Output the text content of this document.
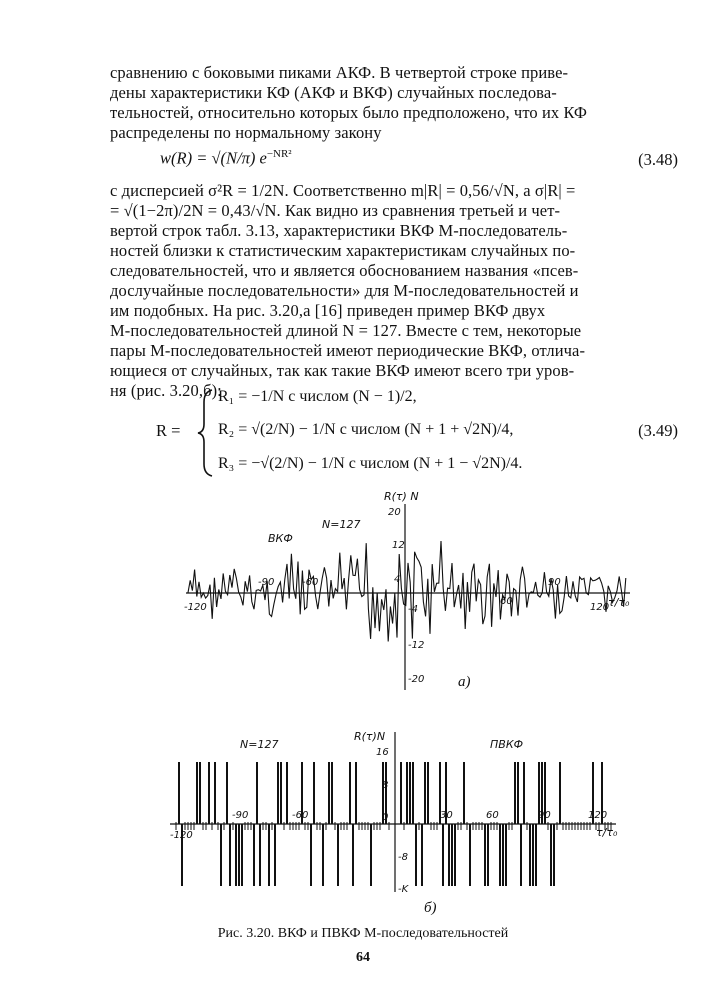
сравнению с боковыми пиками АКФ. В четвертой строке приве-
дены характеристики КФ (АКФ и ВКФ) случайных последова-
тельностей, относительно которых было предположено, что их КФ
распределены по нормальному закону
w(R) = √(N/π) $e^{-NR^2}$	(3.48)
с дисперсией σ²R = 1/2N. Соответственно m|R| = 0,56/√N, а σ|R| =
= √(1−2π)/2N = 0,43/√N. Как видно из сравнения третьей и чет-
вертой строк табл. 3.13, характеристики ВКФ M-последователь-
ностей близки к статистическим характеристикам случайных по-
следовательностей, что и является обоснованием названия «псев-
дослучайные последовательности» для M-последовательностей и
им подобных. На рис. 3.20,а [16] приведен пример ВКФ двух
M-последовательностей длиной N = 127. Вместе с тем, некоторые
пары M-последовательностей имеют периодические ВКФ, отлича-
ющиеся от случайных, так как такие ВКФ имеют всего три уров-
ня (рис. 3.20,б):
R =
R₁ = −1/N с числом (N − 1)/2,
R₂ = √(2/N) − 1/N с числом (N + 1 + √2N)/4,
R₃ = −√(2/N) − 1/N с числом (N + 1 − √2N)/4.
(3.49)
R(τ) N
ВКФ
N=127
20
12
4
-4
-12
-20
-120
-90	-60
60
90
120
τ/τ₀
а)
R(τ)N
N=127	ПВКФ
16
8
0
-8
-K
-120
-90	-60	30	60	90	120
τ/τ₀
б)
Рис. 3.20. ВКФ и ПВКФ M-последовательностей
64
